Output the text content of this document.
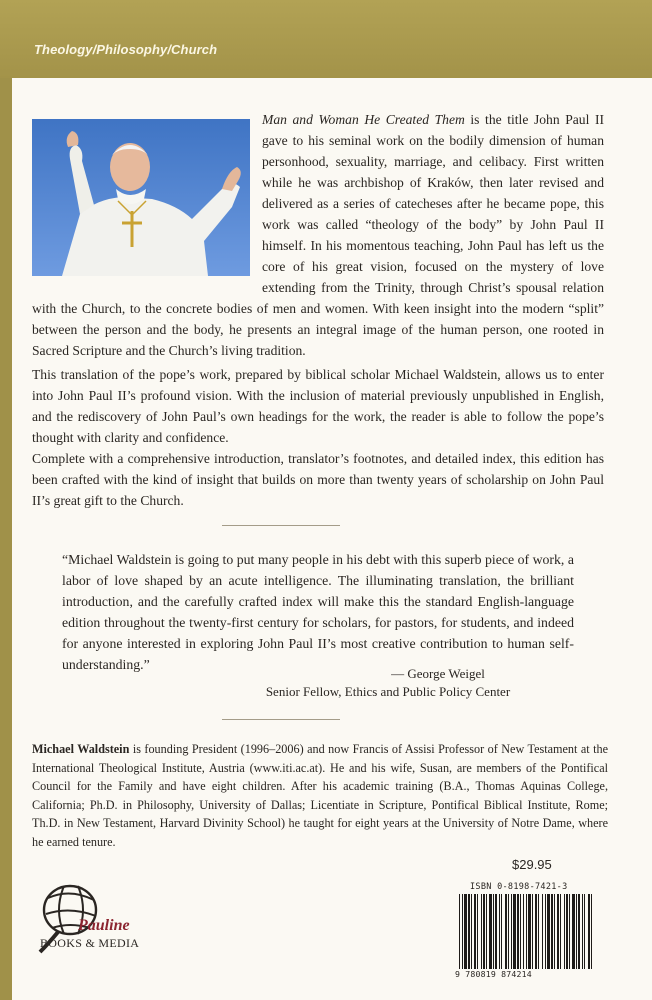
Theology/Philosophy/Church

Man and Woman He Created Them is the title John Paul II gave to his seminal work on the bodily dimension of human personhood, sexuality, marriage, and celibacy. First written while he was archbishop of Kraków, then later revised and delivered as a series of catecheses after he became pope, this work was called “theology of the body” by John Paul II himself. In his momentous teaching, John Paul has left us the core of his great vision, focused on the mystery of love extending from the Trinity, through Christ’s spousal relation with the Church, to the concrete bodies of men and women. With keen insight into the modern “split” between the person and the body, he presents an integral image of the human person, one rooted in Sacred Scripture and the Church’s living tradition.

This translation of the pope’s work, prepared by biblical scholar Michael Waldstein, allows us to enter into John Paul II’s profound vision. With the inclusion of material previously unpublished in English, and the rediscovery of John Paul’s own headings for the work, the reader is able to follow the pope’s thought with clarity and confidence.

Complete with a comprehensive introduction, translator’s footnotes, and detailed index, this edition has been crafted with the kind of insight that builds on more than twenty years of scholarship on John Paul II’s great gift to the Church.

“Michael Waldstein is going to put many people in his debt with this superb piece of work, a labor of love shaped by an acute intelligence. The illuminating translation, the brilliant introduction, and the carefully crafted index will make this the standard English-language edition throughout the twenty-first century for scholars, for pastors, for students, and indeed for anyone interested in exploring John Paul II’s most creative contribution to human self-understanding.”

— George Weigel
Senior Fellow, Ethics and Public Policy Center

Michael Waldstein is founding President (1996–2006) and now Francis of Assisi Professor of New Testament at the International Theological Institute, Austria (www.iti.ac.at). He and his wife, Susan, are members of the Pontifical Council for the Family and have eight children. After his academic training (B.A., Thomas Aquinas College, California; Ph.D. in Philosophy, University of Dallas; Licentiate in Scripture, Pontifical Biblical Institute, Rome; Th.D. in New Testament, Harvard Divinity School) he taught for eight years at the University of Notre Dame, where he earned tenure.

$29.95
ISBN 0-8198-7421-3
9 780819 874214
Pauline
BOOKS & MEDIA
